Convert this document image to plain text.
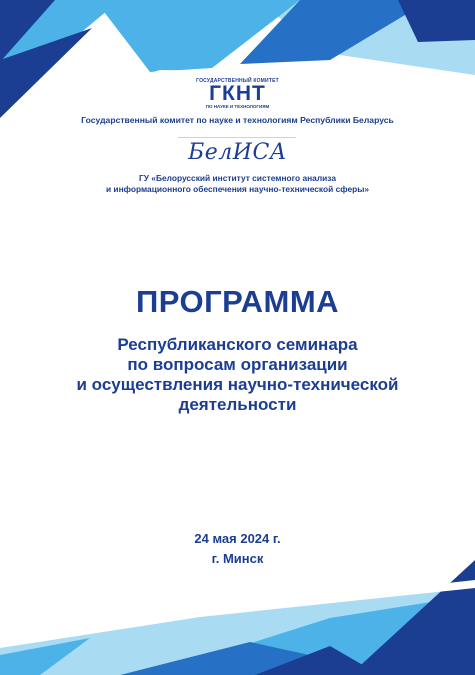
ГОСУДАРСТВЕННЫЙ КОМИТЕТ
ГКНТ
ПО НАУКЕ И ТЕХНОЛОГИЯМ
Государственный комитет по науке и технологиям Республики Беларусь
БелИСА
ГУ «Белорусский институт системного анализа
и информационного обеспечения научно-технической сферы»
ПРОГРАММА
Республиканского семинара
по вопросам организации
и осуществления научно-технической
деятельности
24 мая 2024 г.
г. Минск
